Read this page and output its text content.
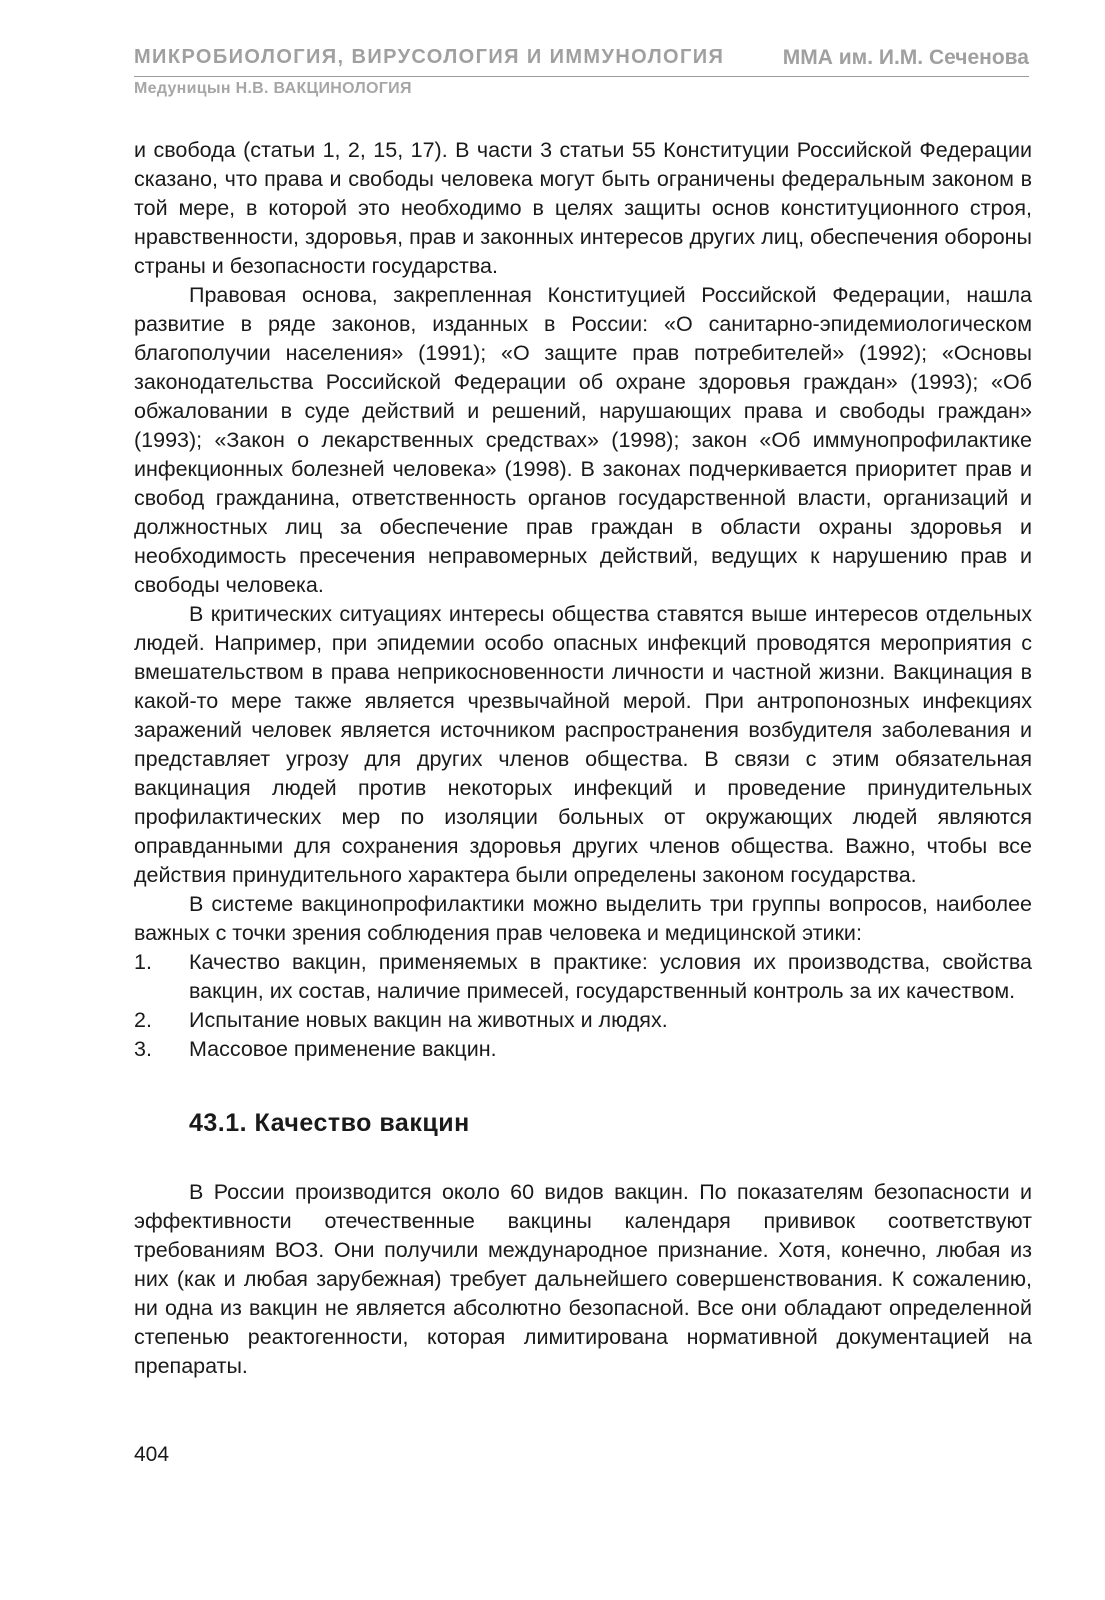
МИКРОБИОЛОГИЯ, ВИРУСОЛОГИЯ И ИММУНОЛОГИЯ	ММА им. И.М. Сеченова
Медуницын Н.В. ВАКЦИНОЛОГИЯ

и свобода (статьи 1, 2, 15, 17). В части 3 статьи 55 Конституции Российской Федерации сказано, что права и свободы человека могут быть ограничены федеральным законом в той мере, в которой это необходимо в целях защиты основ конституционного строя, нравственности, здоровья, прав и законных интересов других лиц, обеспечения обороны страны и безопасности государства.

Правовая основа, закрепленная Конституцией Российской Федерации, нашла развитие в ряде законов, изданных в России: «О санитарно-эпидемиологическом благополучии населения» (1991); «О защите прав потребителей» (1992); «Основы законодательства Российской Федерации об охране здоровья граждан» (1993); «Об обжаловании в суде действий и решений, нарушающих права и свободы граждан» (1993); «Закон о лекарственных средствах» (1998); закон «Об иммунопрофилактике инфекционных болезней человека» (1998). В законах подчеркивается приоритет прав и свобод гражданина, ответственность органов государственной власти, организаций и должностных лиц за обеспечение прав граждан в области охраны здоровья и необходимость пресечения неправомерных действий, ведущих к нарушению прав и свободы человека.

В критических ситуациях интересы общества ставятся выше интересов отдельных людей. Например, при эпидемии особо опасных инфекций проводятся мероприятия с вмешательством в права неприкосновенности личности и частной жизни. Вакцинация в какой-то мере также является чрезвычайной мерой. При антропонозных инфекциях заражений человек является источником распространения возбудителя заболевания и представляет угрозу для других членов общества. В связи с этим обязательная вакцинация людей против некоторых инфекций и проведение принудительных профилактических мер по изоляции больных от окружающих людей являются оправданными для сохранения здоровья других членов общества. Важно, чтобы все действия принудительного характера были определены законом государства.

В системе вакцинопрофилактики можно выделить три группы вопросов, наиболее важных с точки зрения соблюдения прав человека и медицинской этики:

1. Качество вакцин, применяемых в практике: условия их производства, свойства вакцин, их состав, наличие примесей, государственный контроль за их качеством.
2. Испытание новых вакцин на животных и людях.
3. Массовое применение вакцин.
43.1. Качество вакцин

В России производится около 60 видов вакцин. По показателям безопасности и эффективности отечественные вакцины календаря прививок соответствуют требованиям ВОЗ. Они получили международное признание. Хотя, конечно, любая из них (как и любая зарубежная) требует дальнейшего совершенствования. К сожалению, ни одна из вакцин не является абсолютно безопасной. Все они обладают определенной степенью реактогенности, которая лимитирована нормативной документацией на препараты.

404
